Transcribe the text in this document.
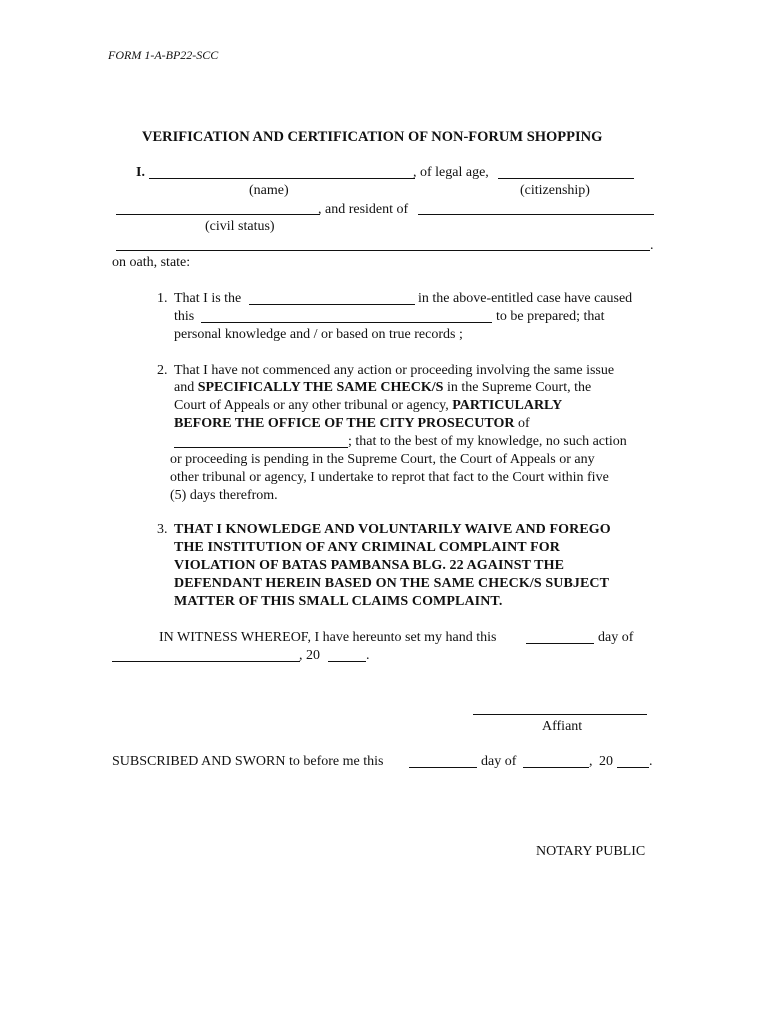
FORM 1-A-BP22-SCC
VERIFICATION AND CERTIFICATION OF NON-FORUM SHOPPING
I.	, of legal age,
(name)	(citizenship)
, and resident of
(civil status)
.
on oath, state:
1. That I is the	in the above-entitled case have caused
this	to be prepared; that
personal knowledge and / or based on true records ;
2. That I have not commenced any action or proceeding involving the same issue
and SPECIFICALLY THE SAME CHECK/S in the Supreme Court, the
Court of Appeals or any other tribunal or agency, PARTICULARLY
BEFORE THE OFFICE OF THE CITY PROSECUTOR of
; that to the best of my knowledge, no such action
or proceeding is pending in the Supreme Court, the Court of Appeals or any
other tribunal or agency, I undertake to reprot that fact to the Court within five
(5) days therefrom.
3. THAT I KNOWLEDGE AND VOLUNTARILY WAIVE AND FOREGO
THE INSTITUTION OF ANY CRIMINAL COMPLAINT FOR
VIOLATION OF BATAS PAMBANSA BLG. 22 AGAINST THE
DEFENDANT HEREIN BASED ON THE SAME CHECK/S SUBJECT
MATTER OF THIS SMALL CLAIMS COMPLAINT.
IN WITNESS WHEREOF, I have hereunto set my hand this	day of
, 20	.
Affiant
SUBSCRIBED AND SWORN to before me this	day of	, 20	.
NOTARY PUBLIC
